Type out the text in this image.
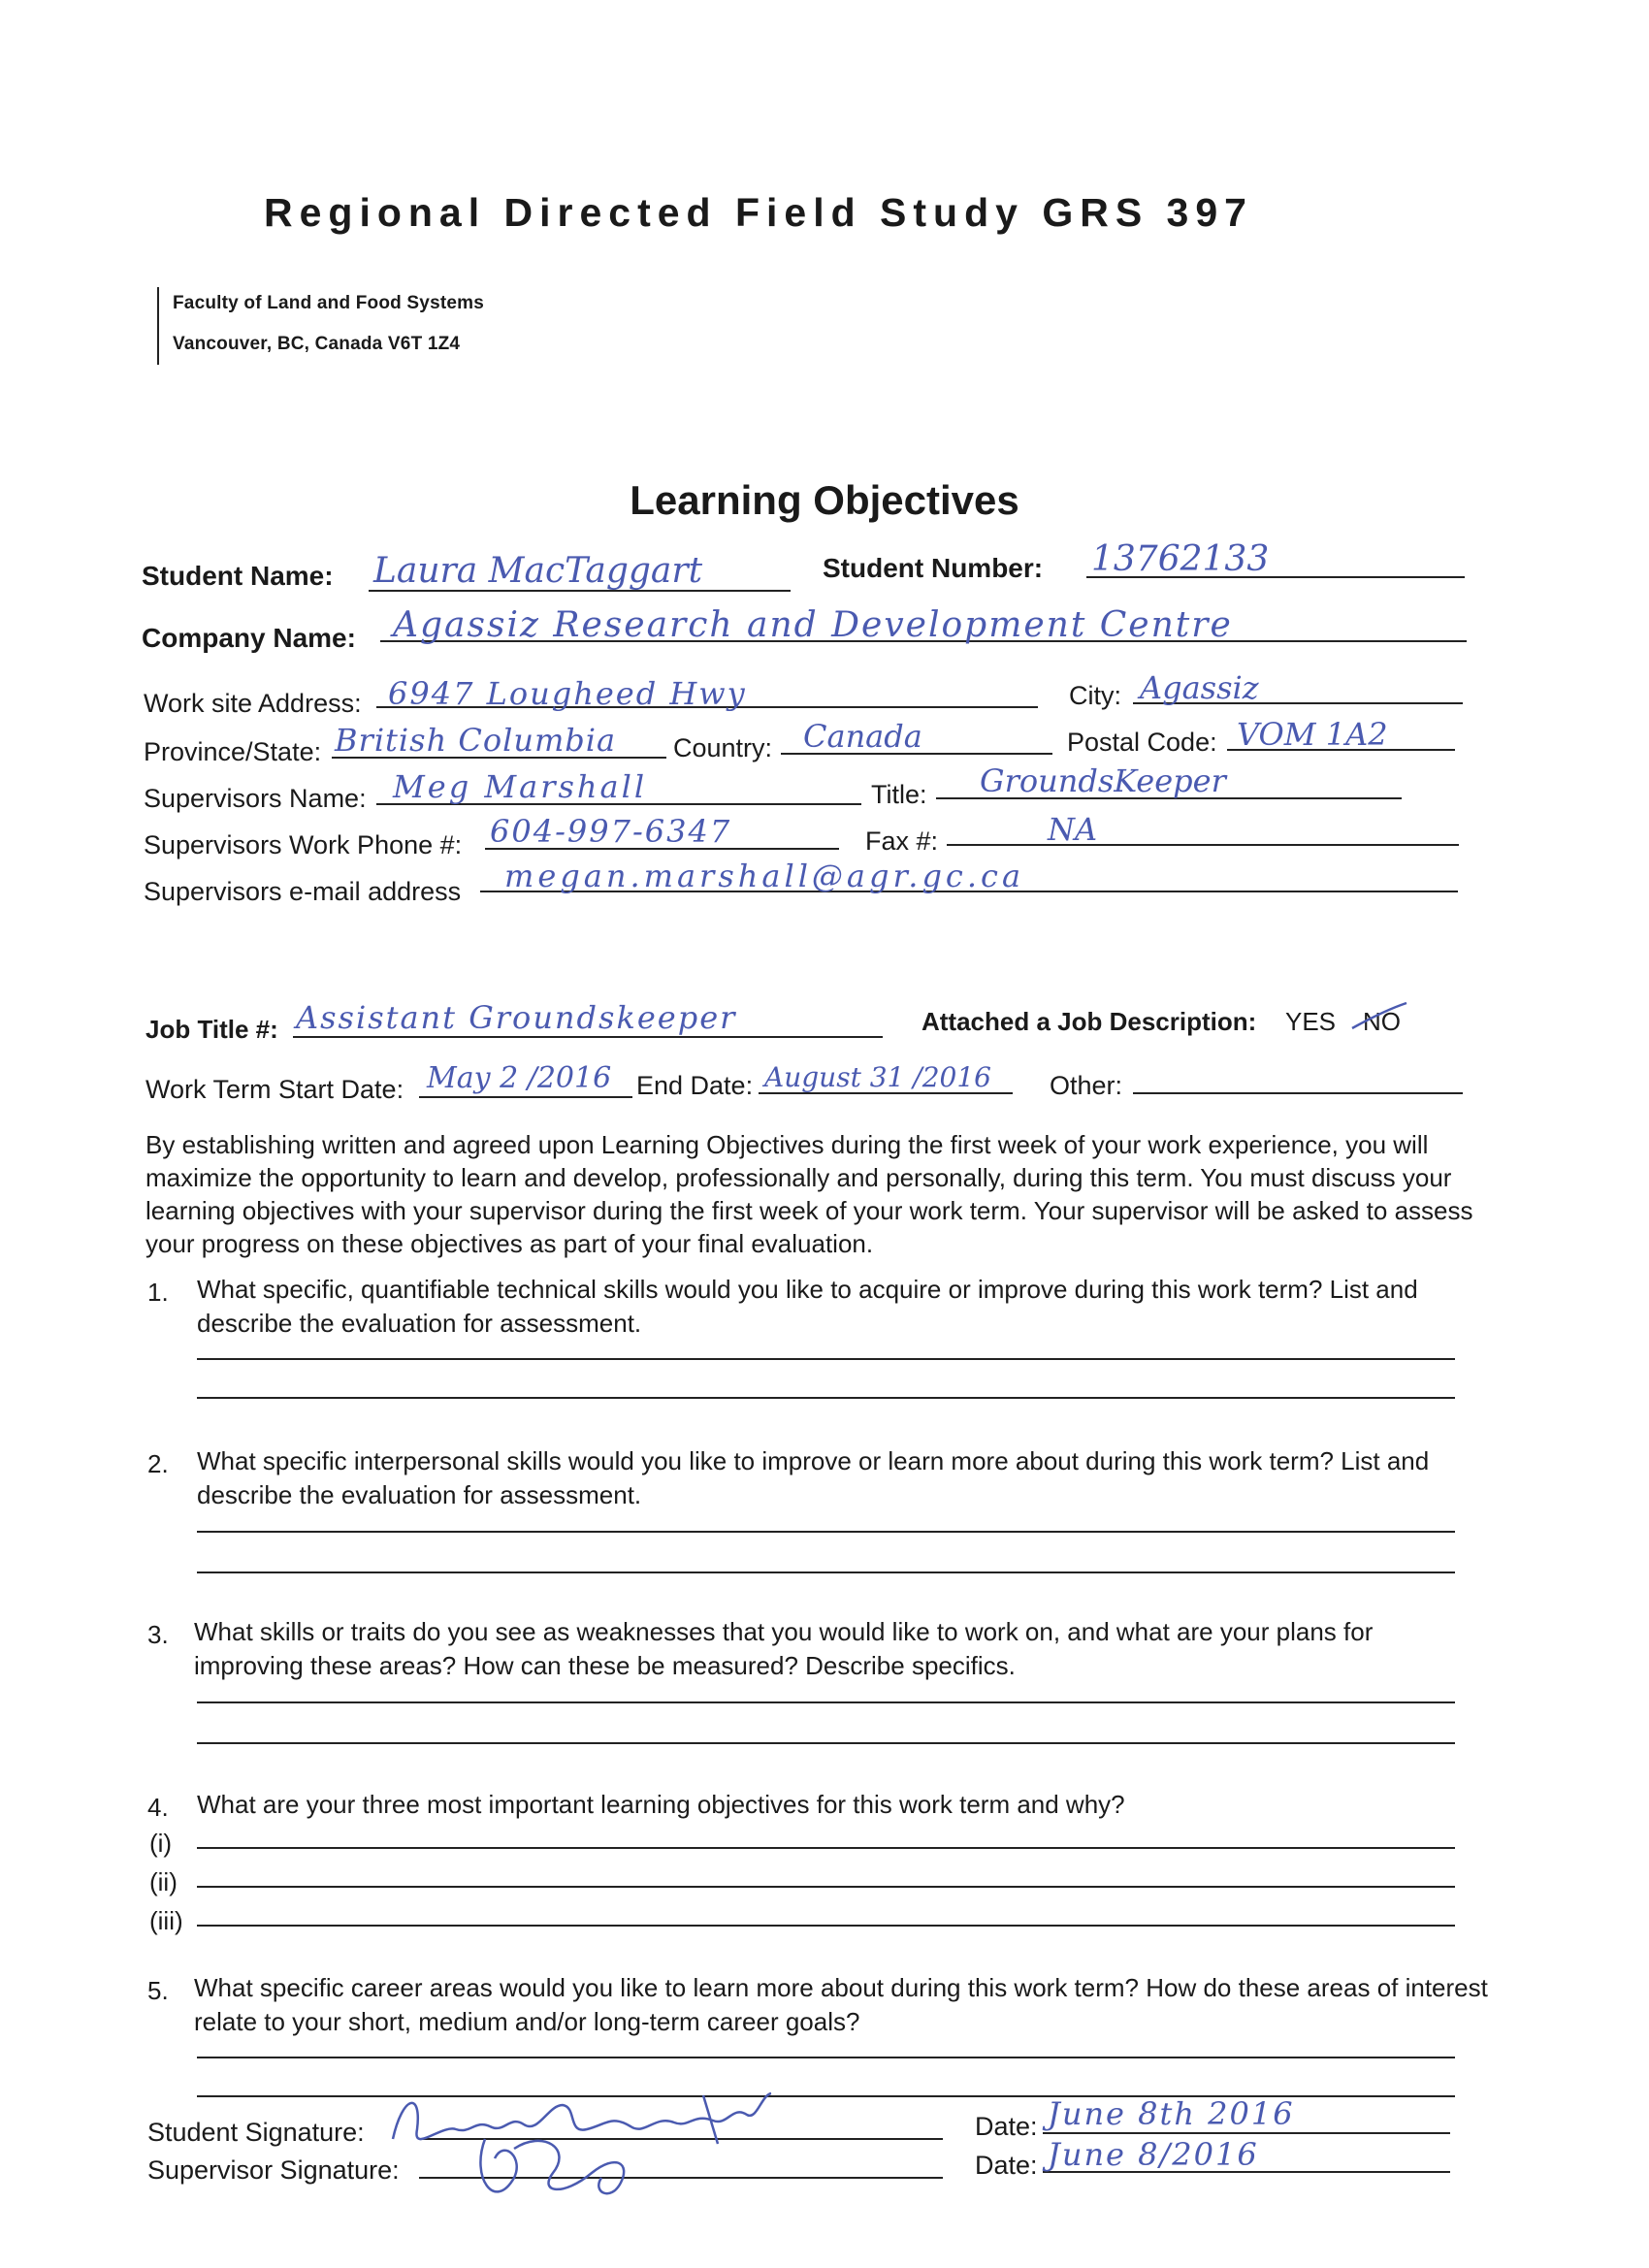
Regional Directed Field Study GRS 397
Faculty of Land and Food Systems
Vancouver, BC, Canada V6T 1Z4
Learning Objectives
Student Name: Laura MacTaggart	Student Number: 13762133
Company Name: Agassiz Research and Development Centre
Work site Address: 6947 Lougheed Hwy	City: Agassiz
Province/State: British Columbia Country: Canada	Postal Code: VOM 1A2
Supervisors Name: Meg Marshall	Title: GroundsKeeper
Supervisors Work Phone #: 604-997-6347	Fax #:	NA
Supervisors e-mail address megan.marshall@agr.gc.ca
Job Title #: Assistant Groundskeeper	Attached a Job Description: YES NO
Work Term Start Date: May 2 /2016 End Date: August 31 /2016 Other:
By establishing written and agreed upon Learning Objectives during the first week of your work experience, you will maximize the opportunity to learn and develop, professionally and personally, during this term. You must discuss your learning objectives with your supervisor during the first week of your work term. Your supervisor will be asked to assess your progress on these objectives as part of your final evaluation.
1. What specific, quantifiable technical skills would you like to acquire or improve during this work term? List and describe the evaluation for assessment.
2. What specific interpersonal skills would you like to improve or learn more about during this work term? List and describe the evaluation for assessment.
3. What skills or traits do you see as weaknesses that you would like to work on, and what are your plans for improving these areas? How can these be measured? Describe specifics.
4. What are your three most important learning objectives for this work term and why?
(i)
(ii)
(iii)
5. What specific career areas would you like to learn more about during this work term? How do these areas of interest relate to your short, medium and/or long-term career goals?
Student Signature:	Date: June 8th 2016
Supervisor Signature:	Date: June 8/2016
